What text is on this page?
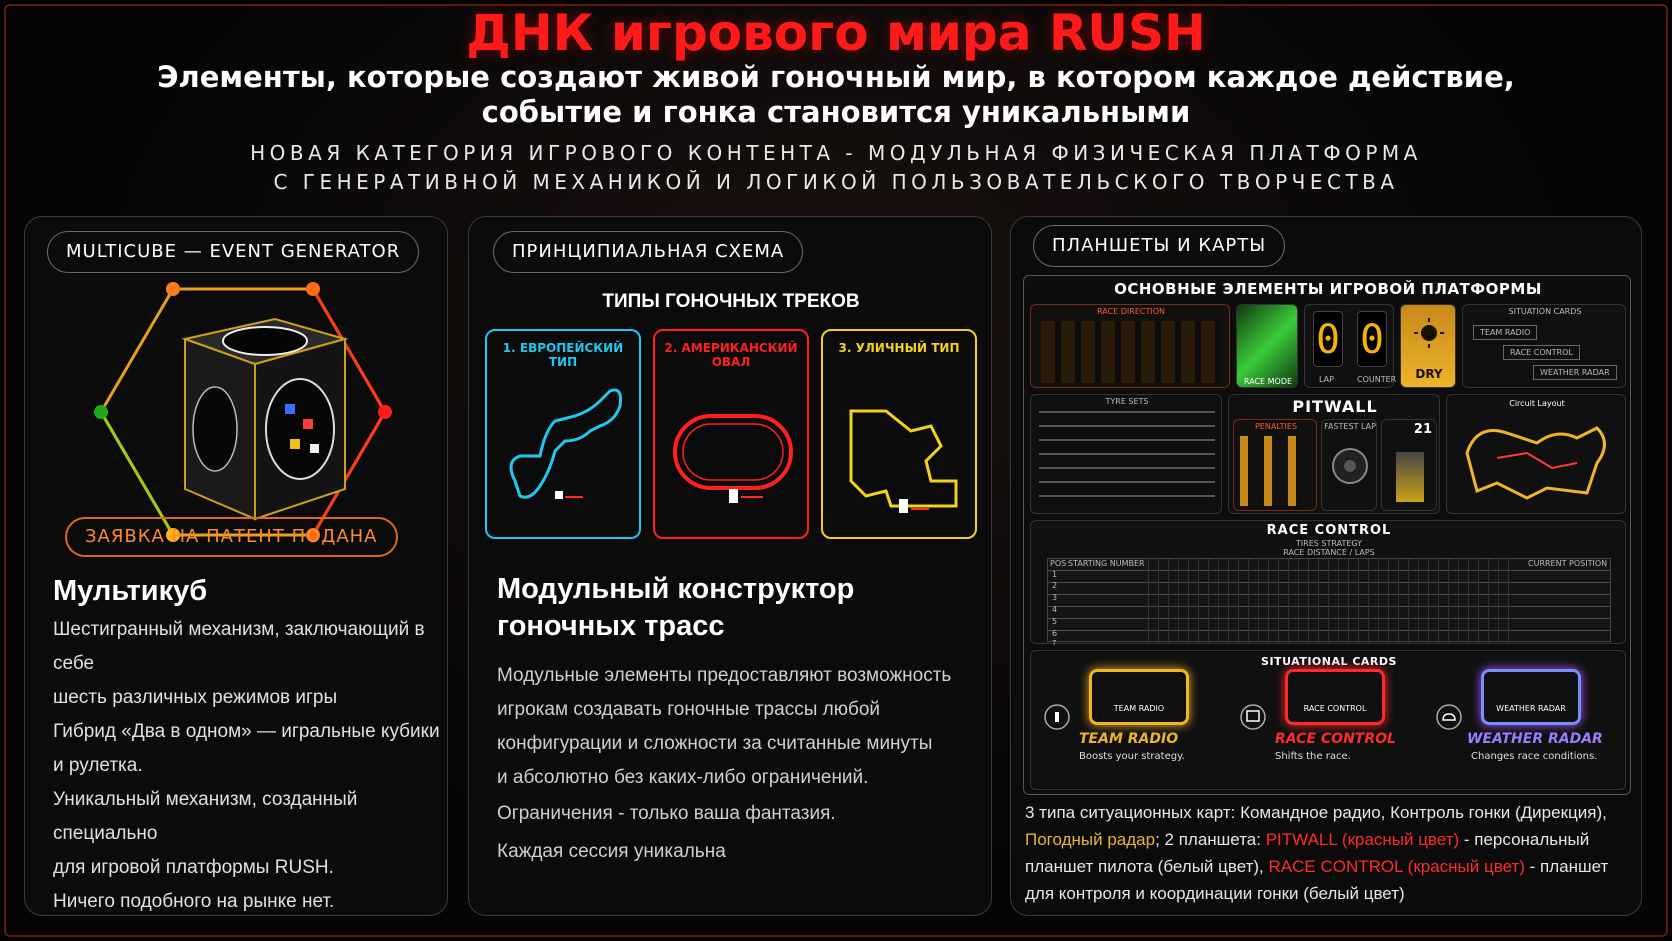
ДНК игрового мира RUSH
Элементы, которые создают живой гоночный мир, в котором каждое действие,
событие и гонка становится уникальными
НОВАЯ КАТЕГОРИЯ ИГРОВОГО КОНТЕНТА - МОДУЛЬНАЯ ФИЗИЧЕСКАЯ ПЛАТФОРМА
С ГЕНЕРАТИВНОЙ МЕХАНИКОЙ И ЛОГИКОЙ ПОЛЬЗОВАТЕЛЬСКОГО ТВОРЧЕСТВА
MULTICUBE — EVENT GENERATOR
ЗАЯВКА НА ПАТЕНТ ПОДАНА
Мультикуб

Шестигранный механизм, заключающий в себе

шесть различных режимов игры

Гибрид «Два в одном» — игральные кубики

и рулетка.

Уникальный механизм, созданный специально

для игровой платформы RUSH.

Ничего подобного на рынке нет.

ПРИНЦИПИАЛЬНАЯ СХЕМА
ТИПЫ ГОНОЧНЫХ ТРЕКОВ
1. ЕВРОПЕЙСКИЙ ТИП
2. АМЕРИКАНСКИЙ ОВАЛ
3. УЛИЧНЫЙ ТИП
Модульный конструктор
гоночных трасс

Модульные элементы предоставляют возможность

игрокам создавать гоночные трассы любой

конфигурации и сложности за считанные минуты

и абсолютно без каких-либо ограничений.

Ограничения - только ваша фантазия.
Каждая сессия уникальна
ПЛАНШЕТЫ И КАРТЫ
ОСНОВНЫЕ ЭЛЕМЕНТЫ ИГРОВОЙ ПЛАТФОРМЫ
RACE DIRECTION
RACE MODE
0 0
LAP	COUNTER	DRY
SITUATION CARDS
TEAM RADIO
RACE CONTROL
WEATHER RADAR
TYRE SETS	PITWALL
PENALTIES	FASTEST LAP	21
Circuit Layout
RACE CONTROL
TIRES STRATEGY
RACE DISTANCE / LAPS
POS STARTING NUMBER	CURRENT POSITION
1
2
3
4
5
6
7
SITUATIONAL CARDS
TEAM RADIO
TEAM RADIO
Boosts your strategy.
RACE CONTROL
RACE CONTROL
Shifts the race.
WEATHER RADAR
WEATHER RADAR
Changes race conditions.
3 типа ситуационных карт: Командное радио, Контроль гонки (Дирекция),
Погодный радар; 2 планшета: PITWALL (красный цвет) - персональный
планшет пилота (белый цвет), RACE CONTROL (красный цвет) - планшет
для контроля и координации гонки (белый цвет)
